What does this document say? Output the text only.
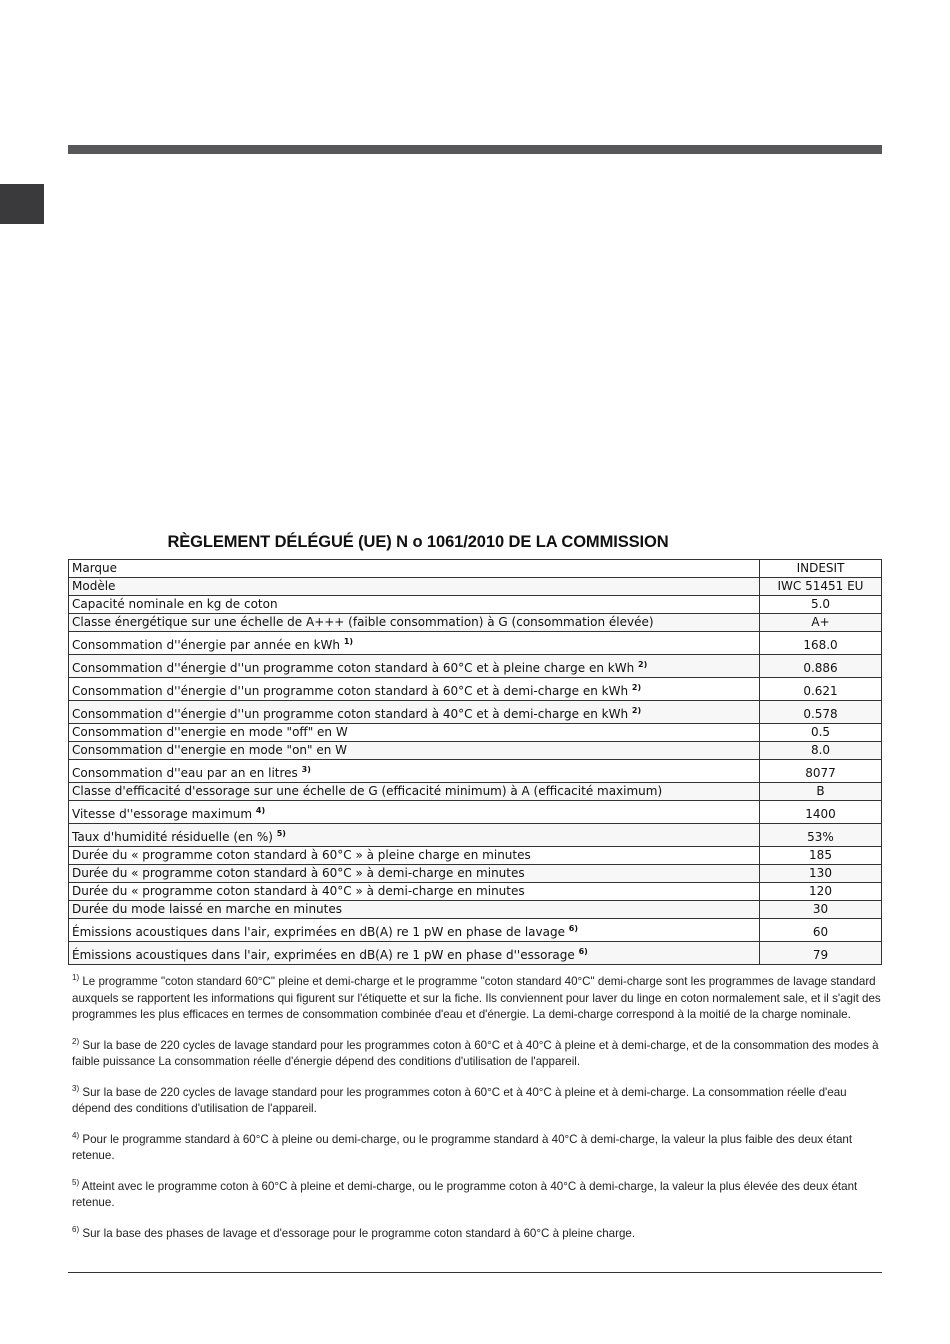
RÈGLEMENT DÉLÉGUÉ (UE) N o 1061/2010 DE LA COMMISSION
Marque	INDESIT
Modèle	IWC 51451 EU
Capacité nominale en kg de coton	5.0
Classe énergétique sur une échelle de A+++ (faible consommation) à G (consommation élevée)	A+
Consommation d''énergie par année en kWh $^{1)}$	168.0
Consommation d''énergie d''un programme coton standard à 60°C et à pleine charge en kWh $^{2)}$	0.886
Consommation d''énergie d''un programme coton standard à 60°C et à demi-charge en kWh $^{2)}$	0.621
Consommation d''énergie d''un programme coton standard à 40°C et à demi-charge en kWh $^{2)}$	0.578
Consommation d''energie en mode "off" en W	0.5
Consommation d''energie en mode "on" en W	8.0
Consommation d''eau par an en litres $^{3)}$	8077
Classe d'efficacité d'essorage sur une échelle de G (efficacité minimum) à A (efficacité maximum)	B
Vitesse d''essorage maximum $^{4)}$	1400
Taux d'humidité résiduelle (en %) $^{5)}$	53%
Durée du « programme coton standard à 60°C » à pleine charge en minutes	185
Durée du « programme coton standard à 60°C » à demi-charge en minutes	130
Durée du « programme coton standard à 40°C » à demi-charge en minutes	120
Durée du mode laissé en marche en minutes	30
Émissions acoustiques dans l'air, exprimées en dB(A) re 1 pW en phase de lavage $^{6)}$	60
Émissions acoustiques dans l'air, exprimées en dB(A) re 1 pW en phase d''essorage $^{6)}$	79
$^{1)}$ Le programme "coton standard 60°C" pleine et demi-charge et le programme "coton standard 40°C" demi-charge sont les programmes de lavage standard auxquels se rapportent les informations qui figurent sur l'étiquette et sur la fiche. Ils conviennent pour laver du linge en coton normalement sale, et il s'agit des programmes les plus efficaces en termes de consommation combinée d'eau et d'énergie. La demi-charge correspond à la moitié de la charge nominale.
$^{2)}$ Sur la base de 220 cycles de lavage standard pour les programmes coton à 60°C et à 40°C à pleine et à demi-charge, et de la consommation des modes à faible puissance La consommation réelle d'énergie dépend des conditions d'utilisation de l'appareil.
$^{3)}$ Sur la base de 220 cycles de lavage standard pour les programmes coton à 60°C et à 40°C à pleine et à demi-charge. La consommation réelle d'eau dépend des conditions d'utilisation de l'appareil.
$^{4)}$ Pour le programme standard à 60°C à pleine ou demi-charge, ou le programme standard à 40°C à demi-charge, la valeur la plus faible des deux étant retenue.
$^{5)}$ Atteint avec le programme coton à 60°C à pleine et demi-charge, ou le programme coton à 40°C à demi-charge, la valeur la plus élevée des deux étant retenue.
$^{6)}$ Sur la base des phases de lavage et d'essorage pour le programme coton standard à 60°C à pleine charge.
